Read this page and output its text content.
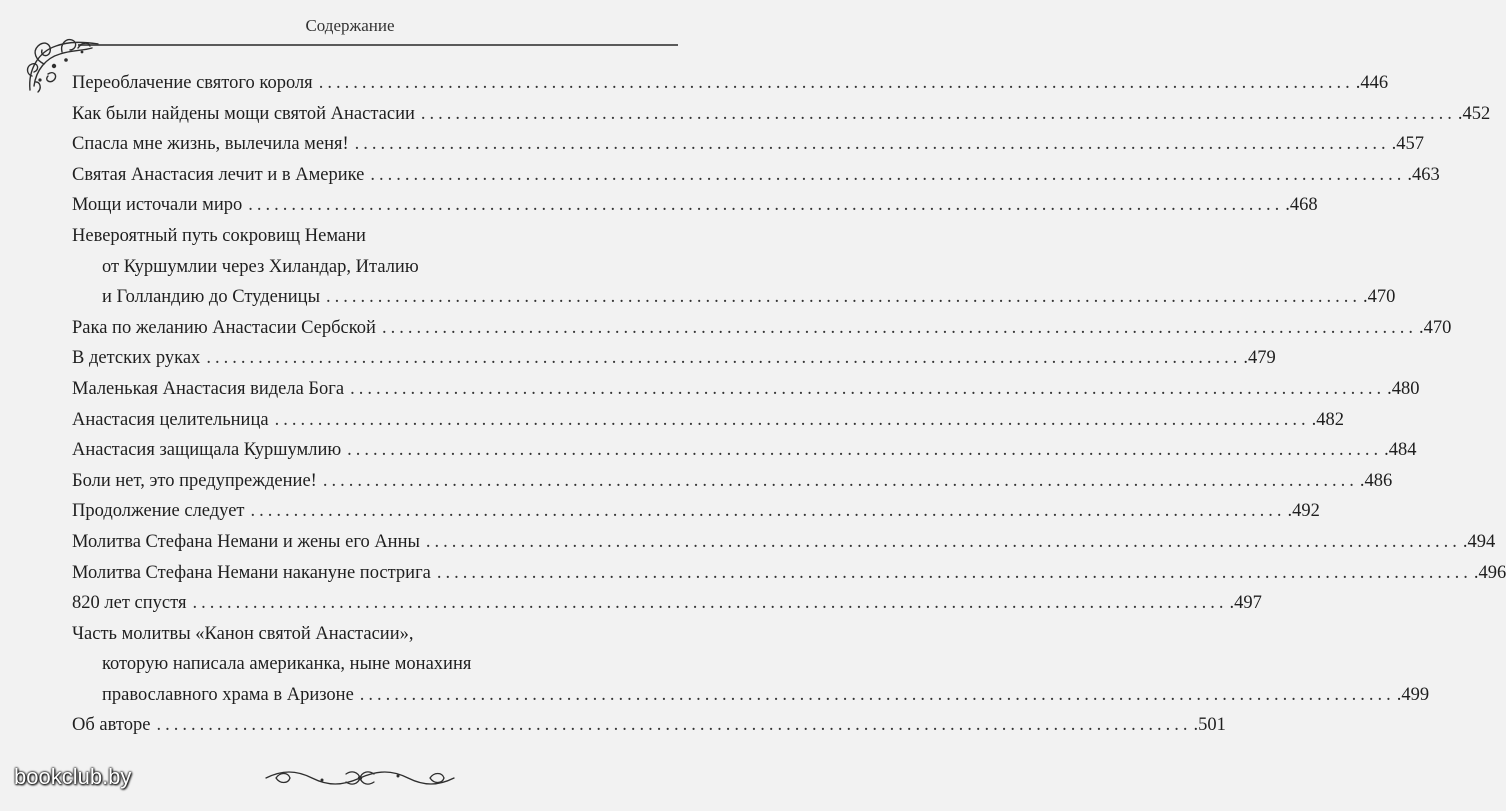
Содержание
Переоблачение святого короля ........................................................................................................................ .446
Как были найдены мощи святой Анастасии ........................................................................................................................ .452
Спасла мне жизнь, вылечила меня! ........................................................................................................................ .457
Святая Анастасия лечит и в Америке ........................................................................................................................ .463
Мощи источали миро ........................................................................................................................ .468
Невероятный путь сокровищ Немани
от Куршумлии через Хиландар, Италию
и Голландию до Студеницы ........................................................................................................................ .470
Рака по желанию Анастасии Сербской ........................................................................................................................ .470
В детских руках ........................................................................................................................ .479
Маленькая Анастасия видела Бога ........................................................................................................................ .480
Анастасия целительница ........................................................................................................................ .482
Анастасия защищала Куршумлию ........................................................................................................................ .484
Боли нет, это предупреждение! ........................................................................................................................ .486
Продолжение следует ........................................................................................................................ .492
Молитва Стефана Немани и жены его Анны ........................................................................................................................ .494
Молитва Стефана Немани накануне пострига ........................................................................................................................ .496
820 лет спустя ........................................................................................................................ .497
Часть молитвы «Канон святой Анастасии»,
которую написала американка, ныне монахиня
православного храма в Аризоне ........................................................................................................................ .499
Об авторе ........................................................................................................................ .501
bookclub.by
